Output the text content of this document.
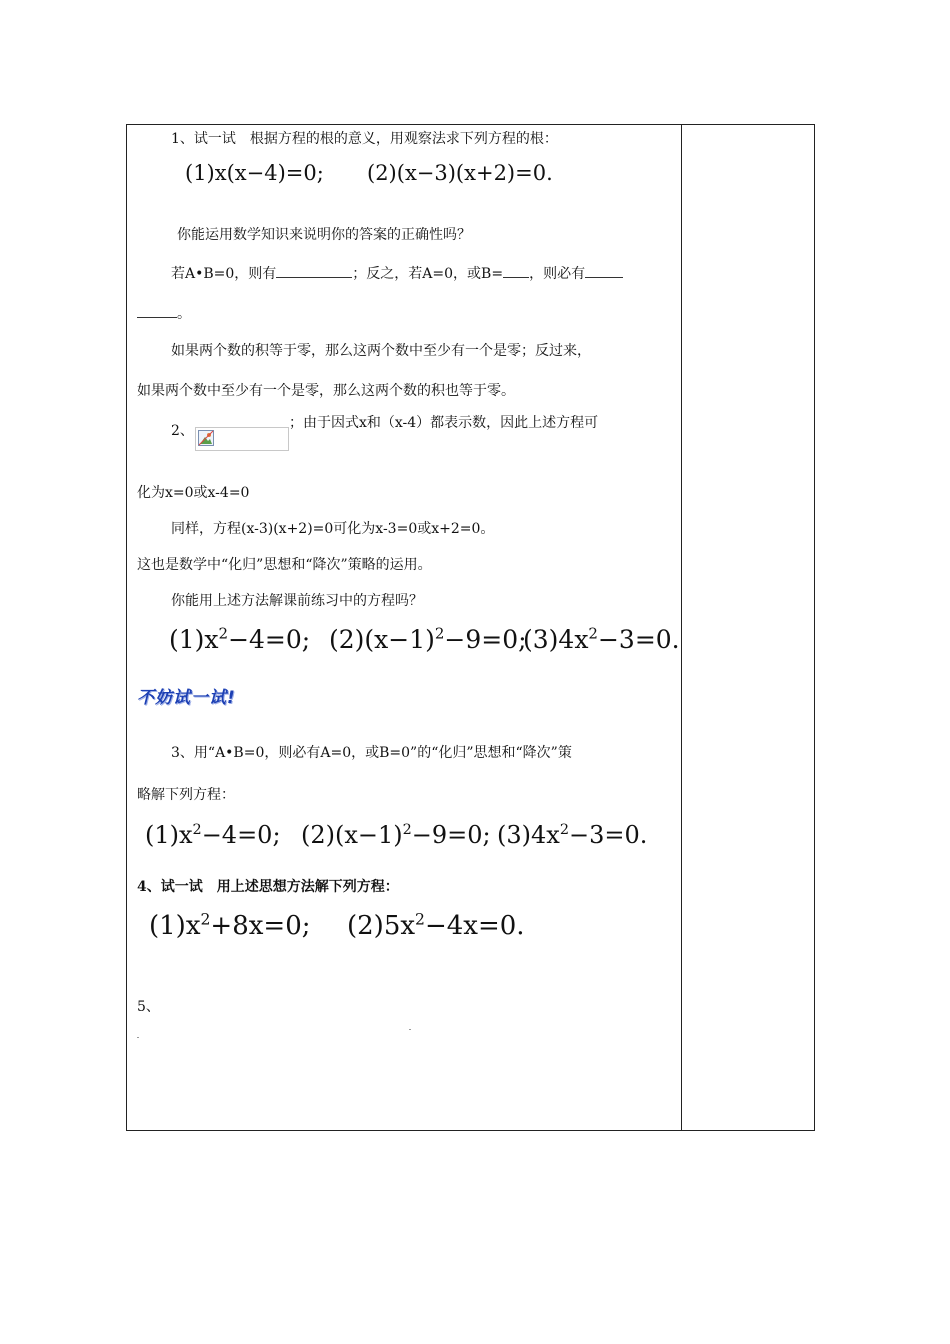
1、试一试　根据方程的根的意义，用观察法求下列方程的根：
(1)x(x−4)=0; (2)(x−3)(x+2)=0.
你能运用数学知识来说明你的答案的正确性吗？
若A•B=0，则有	；反之，若A=0，或B= ，则必有
。
如果两个数的积等于零，那么这两个数中至少有一个是零；反过来，
如果两个数中至少有一个是零，那么这两个数的积也等于零。
2、	；由于因式x和（x-4）都表示数，因此上述方程可
化为x=0或x-4=0
同样，方程(x-3)(x+2)=0可化为x-3=0或x+2=0。
这也是数学中“化归”思想和“降次”策略的运用。
你能用上述方法解课前练习中的方程吗？
$(1)x^2-4=0$; $(2)(x-1)^2-9=0$;
$(3)4x^2-3=0$.
不妨试一试!
3、用“A•B=0，则必有A=0，或B=0”的“化归”思想和“降次”策
略解下列方程：
$(1)x^2-4=0$; $(2)(x-1)^2-9=0$; $(3)4x^2-3=0$.
4、试一试　用上述思想方法解下列方程：
$(1)x^2+8x=0$; $(2)5x^2-4x=0$.
5、
